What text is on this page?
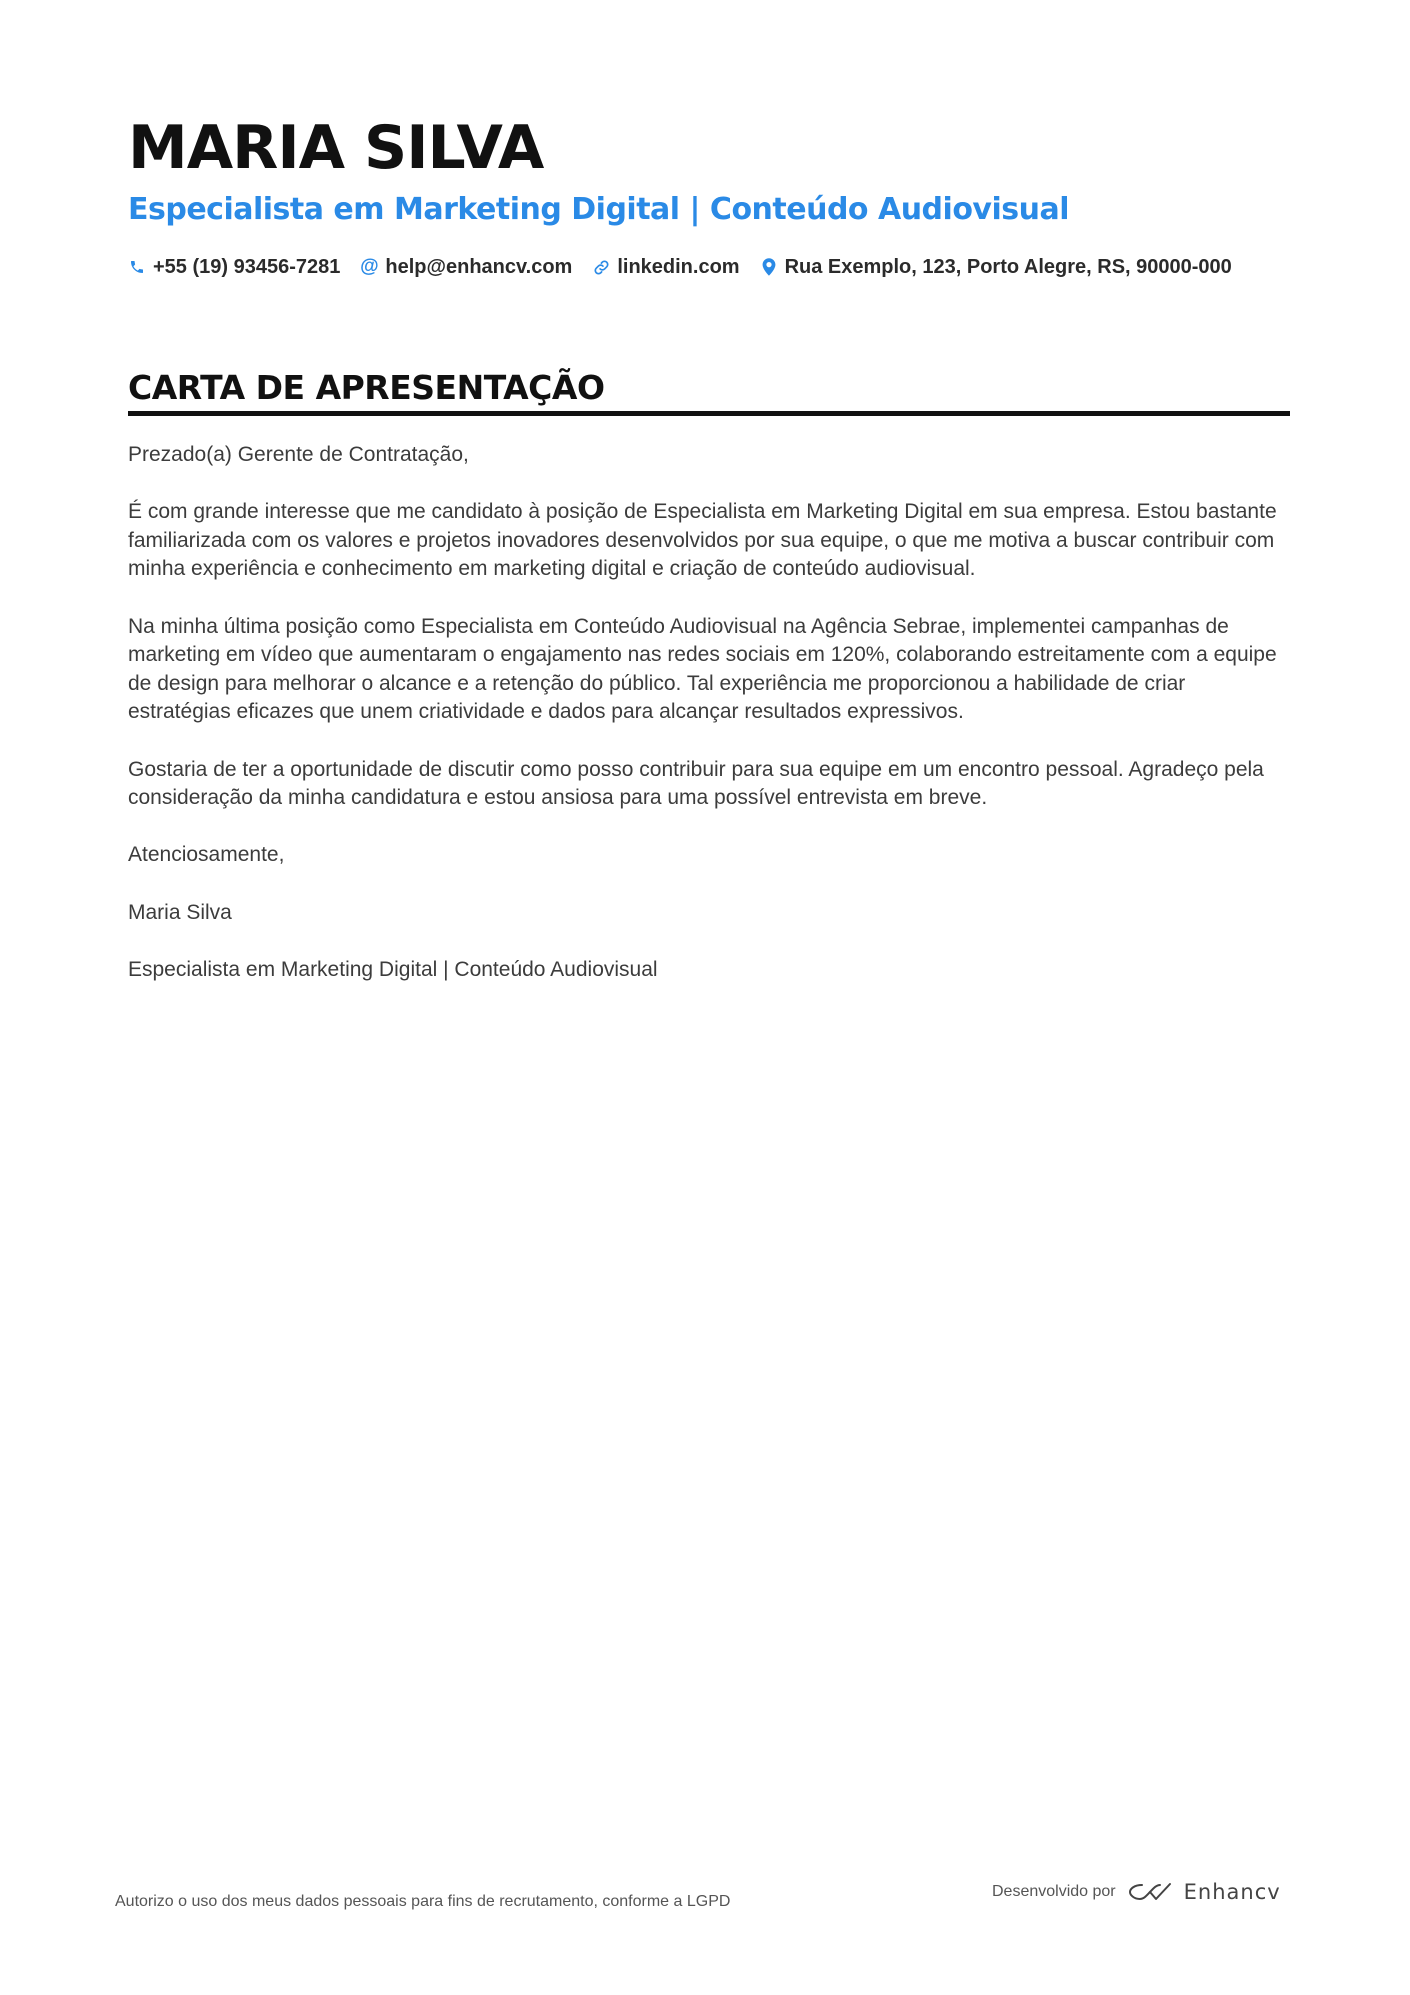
MARIA SILVA
Especialista em Marketing Digital | Conteúdo Audiovisual
+55 (19) 93456-7281 @ help@enhancv.com linkedin.com Rua Exemplo, 123, Porto Alegre, RS, 90000-000
CARTA DE APRESENTAÇÃO

Prezado(a) Gerente de Contratação,

É com grande interesse que me candidato à posição de Especialista em Marketing Digital em sua empresa. Estou bastante familiarizada com os valores e projetos inovadores desenvolvidos por sua equipe, o que me motiva a buscar contribuir com minha experiência e conhecimento em marketing digital e criação de conteúdo audiovisual.

Na minha última posição como Especialista em Conteúdo Audiovisual na Agência Sebrae, implementei campanhas de marketing em vídeo que aumentaram o engajamento nas redes sociais em 120%, colaborando estreitamente com a equipe de design para melhorar o alcance e a retenção do público. Tal experiência me proporcionou a habilidade de criar estratégias eficazes que unem criatividade e dados para alcançar resultados expressivos.

Gostaria de ter a oportunidade de discutir como posso contribuir para sua equipe em um encontro pessoal. Agradeço pela consideração da minha candidatura e estou ansiosa para uma possível entrevista em breve.

Atenciosamente,

Maria Silva

Especialista em Marketing Digital | Conteúdo Audiovisual

Autorizo o uso dos meus dados pessoais para fins de recrutamento, conforme a LGPD
Desenvolvido por	Enhancv
